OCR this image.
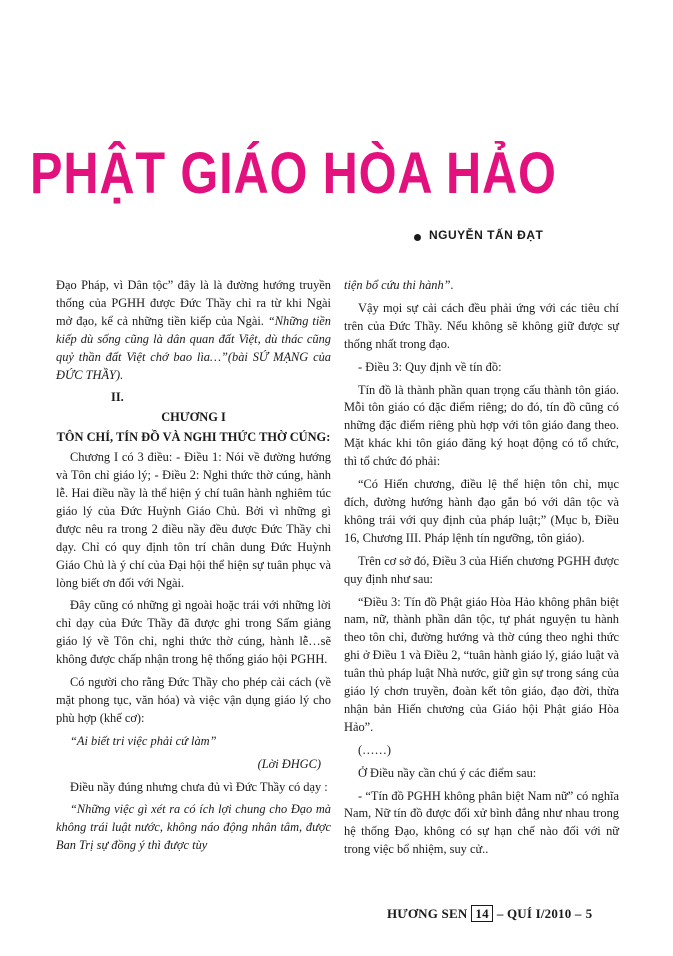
PHẬT GIÁO HÒA HẢO
NGUYỄN TẤN ĐẠT

Đạo Pháp, vì Dân tộc” đây là là đường hướng truyền thống của PGHH được Đức Thầy chỉ ra từ khi Ngài mở đạo, kể cả những tiền kiếp của Ngài. “Những tiền kiếp dù sống cũng là dân quan đất Việt, dù thác cũng quỷ thần đất Việt chớ bao lìa…”(bài SỨ MẠNG của ĐỨC THẦY).

II.

CHƯƠNG I

TÔN CHỈ, TÍN ĐỒ VÀ NGHI THỨC THỜ CÚNG:

Chương I có 3 điều: - Điều 1: Nói về đường hướng và Tôn chỉ giáo lý; - Điều 2: Nghi thức thờ cúng, hành lễ. Hai điều nầy là thể hiện ý chí tuân hành nghiêm túc giáo lý của Đức Huỳnh Giáo Chủ. Bởi vì những gì được nêu ra trong 2 điều nầy đều được Đức Thầy chỉ dạy. Chỉ có quy định tôn trí chân dung Đức Huỳnh Giáo Chủ là ý chí của Đại hội thể hiện sự tuân phục và lòng biết ơn đối với Ngài.

Đây cũng có những gì ngoài hoặc trái với những lời chỉ dạy của Đức Thầy đã được ghi trong Sấm giảng giáo lý về Tôn chỉ, nghi thức thờ cúng, hành lễ…sẽ không được chấp nhận trong hệ thống giáo hội PGHH.

Có người cho rằng Đức Thầy cho phép cải cách (về mặt phong tục, văn hóa) và việc vận dụng giáo lý cho phù hợp (khế cơ):

“Ai biết tri việc phải cứ làm”

(Lời ĐHGC)

Điều nầy đúng nhưng chưa đủ vì Đức Thầy có dạy :

“Những việc gì xét ra có ích lợi chung cho Đạo mà không trái luật nước, không náo động nhân tâm, được Ban Trị sự đồng ý thì được tùy

tiện bổ cứu thi hành”.

Vậy mọi sự cải cách đều phải ứng với các tiêu chí trên của Đức Thầy. Nếu không sẽ không giữ được sự thống nhất trong đạo.

- Điều 3: Quy định về tín đồ:

Tín đồ là thành phần quan trọng cấu thành tôn giáo. Mỗi tôn giáo có đặc điểm riêng; do đó, tín đồ cũng có những đặc điểm riêng phù hợp với tôn giáo đang theo. Mặt khác khi tôn giáo đăng ký hoạt động có tổ chức, thì tổ chức đó phải:

“Có Hiến chương, điều lệ thể hiện tôn chỉ, mục đích, đường hướng hành đạo gắn bó với dân tộc và không trái với quy định của pháp luật;” (Mục b, Điều 16, Chương III. Pháp lệnh tín ngưỡng, tôn giáo).

Trên cơ sở đó, Điều 3 của Hiến chương PGHH được quy định như sau:

“Điều 3: Tín đồ Phật giáo Hòa Hảo không phân biệt nam, nữ, thành phần dân tộc, tự phát nguyện tu hành theo tôn chỉ, đường hướng và thờ cúng theo nghi thức ghi ở Điều 1 và Điều 2, “tuân hành giáo lý, giáo luật và tuân thủ pháp luật Nhà nước, giữ gìn sự trong sáng của giáo lý chơn truyền, đoàn kết tôn giáo, đạo đời, thừa nhận bản Hiến chương của Giáo hội Phật giáo Hòa Hảo”.

(……)

Ở Điều nầy cần chú ý các điểm sau:

- “Tín đồ PGHH không phân biệt Nam nữ” có nghĩa Nam, Nữ tín đồ được đối xử bình đẳng như nhau trong hệ thống Đạo, không có sự hạn chế nào đối với nữ trong việc bổ nhiệm, suy cử..

HƯƠNG SEN 14 – QUÍ I/2010 – 5
